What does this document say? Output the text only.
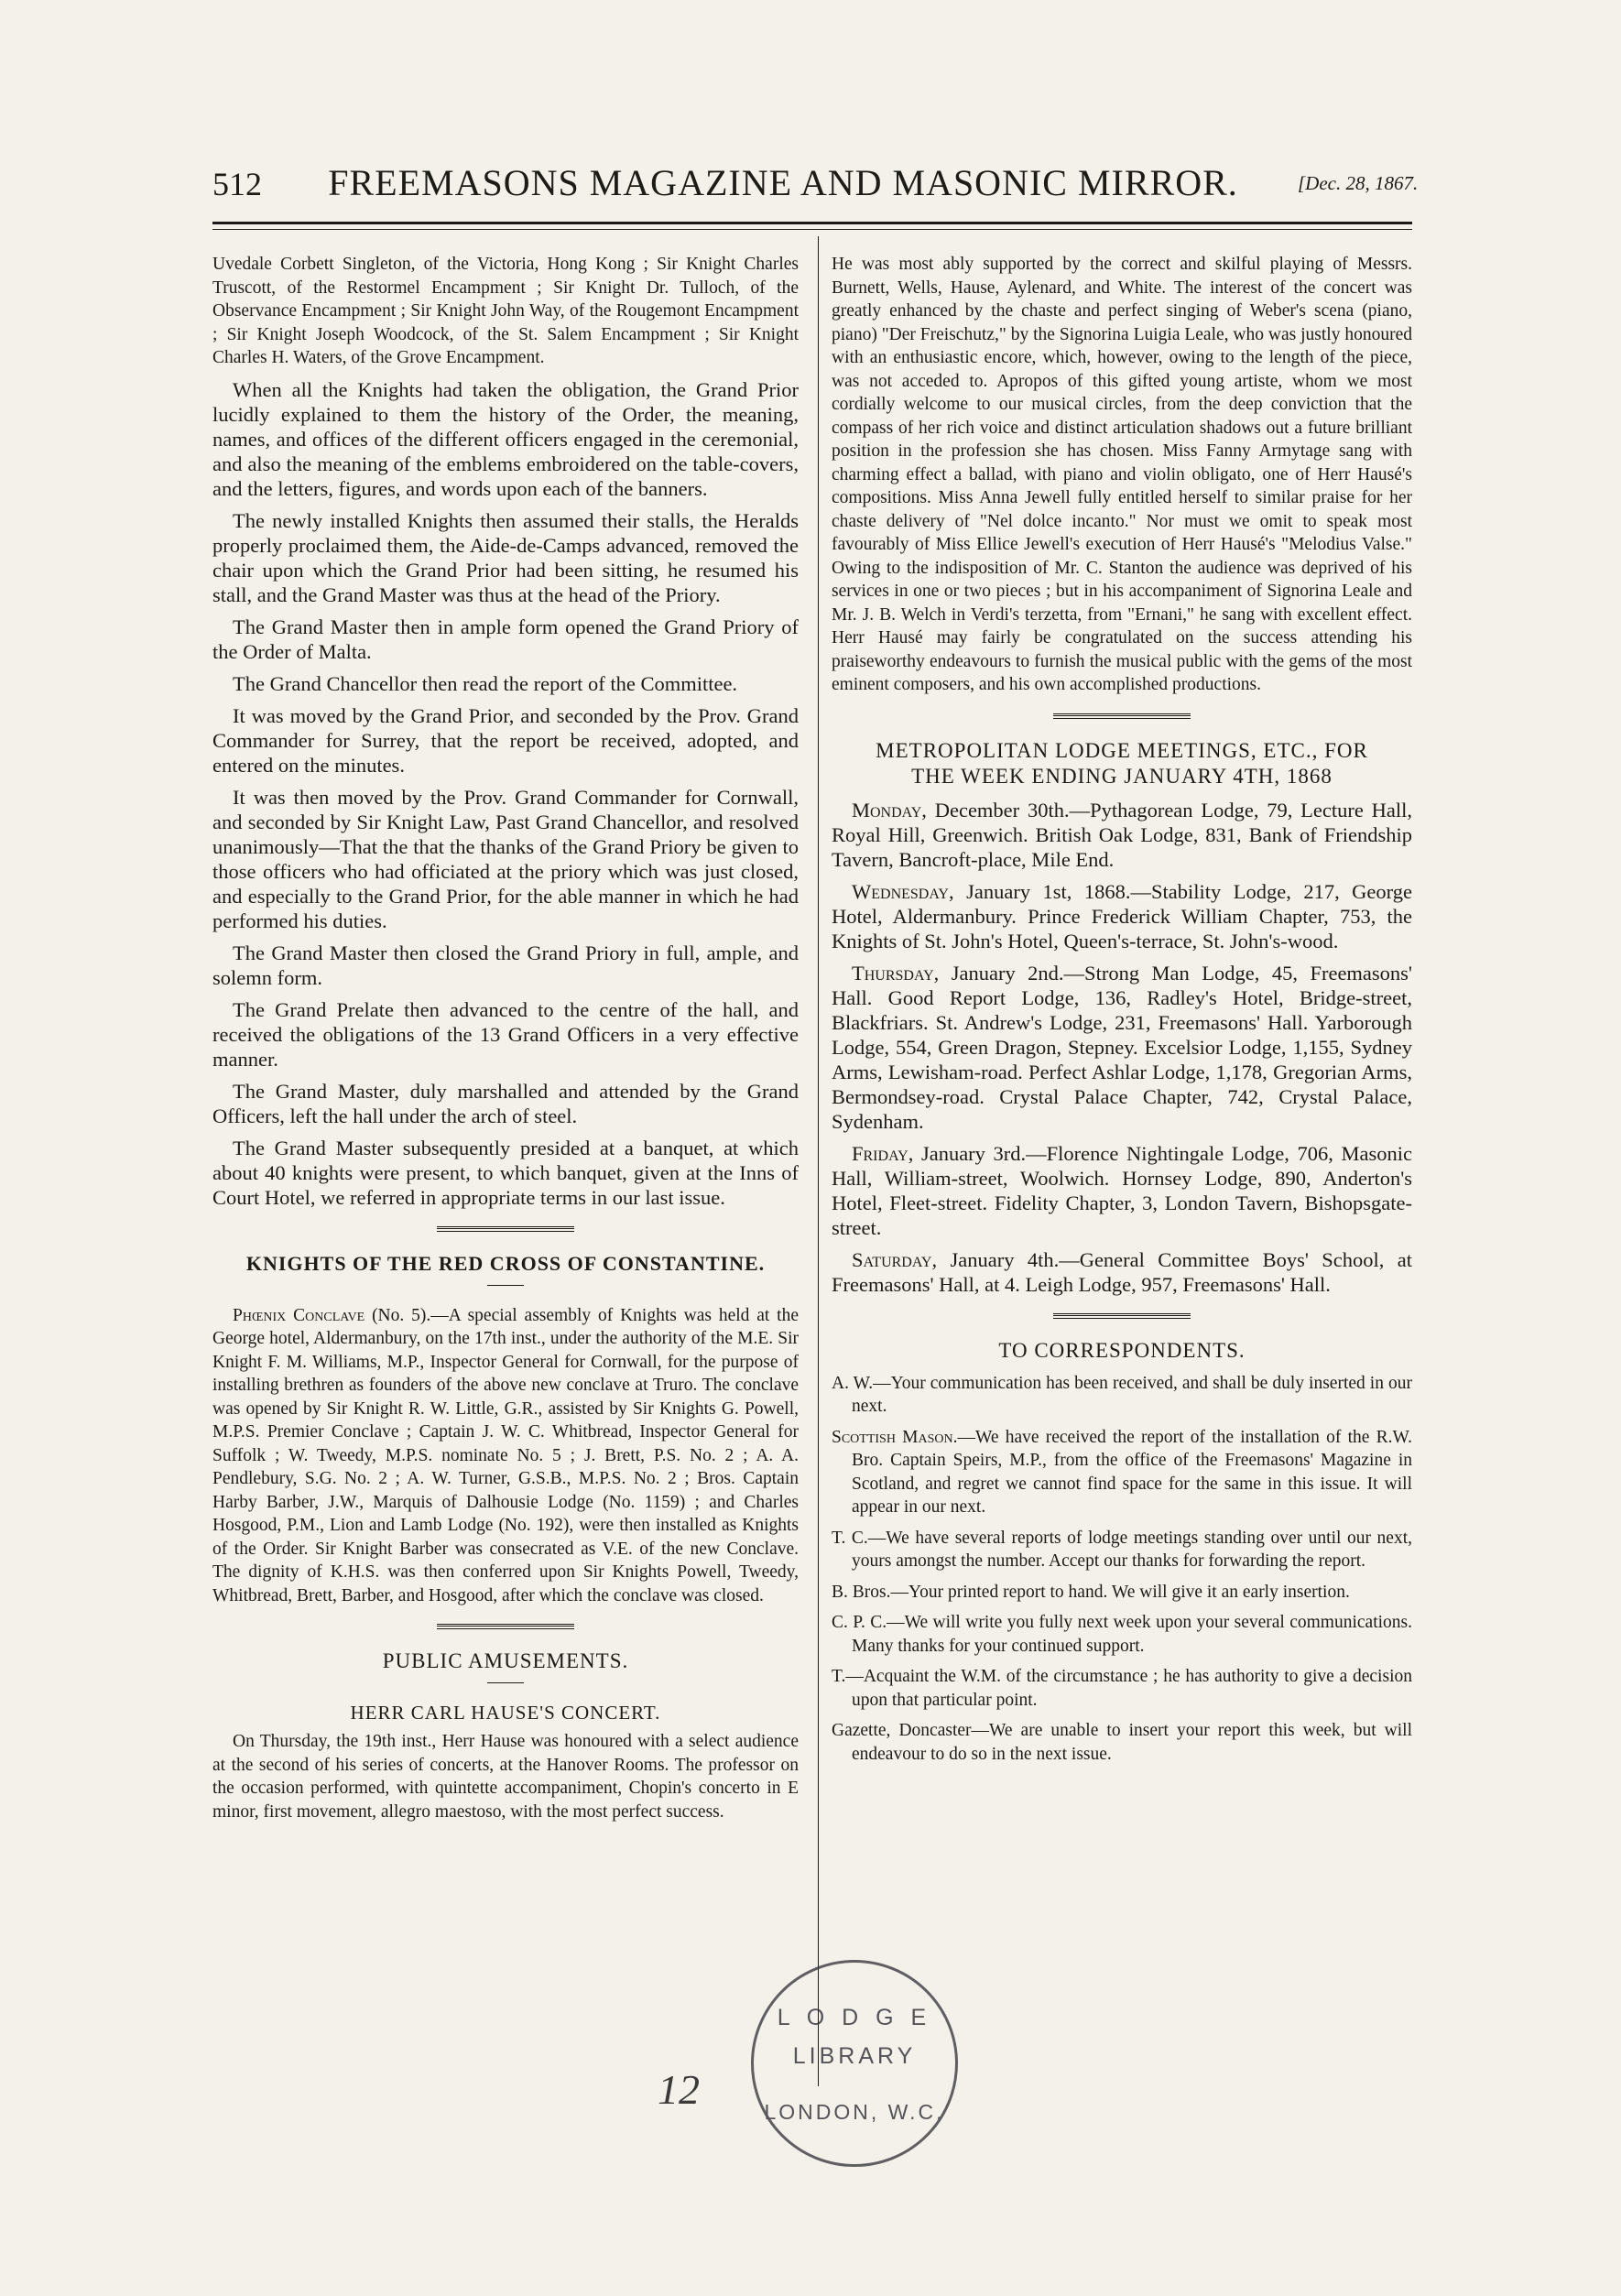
512	FREEMASONS MAGAZINE AND MASONIC MIRROR.	[Dec. 28, 1867.

Uvedale Corbett Singleton, of the Victoria, Hong Kong ; Sir Knight Charles Truscott, of the Restormel Encampment ; Sir Knight Dr. Tulloch, of the Observance Encampment ; Sir Knight John Way, of the Rougemont Encampment ; Sir Knight Joseph Woodcock, of the St. Salem Encampment ; Sir Knight Charles H. Waters, of the Grove Encampment.

When all the Knights had taken the obligation, the Grand Prior lucidly explained to them the history of the Order, the meaning, names, and offices of the different officers engaged in the ceremonial, and also the meaning of the emblems embroidered on the table-covers, and the letters, figures, and words upon each of the banners.

The newly installed Knights then assumed their stalls, the Heralds properly proclaimed them, the Aide-de-Camps advanced, removed the chair upon which the Grand Prior had been sitting, he resumed his stall, and the Grand Master was thus at the head of the Priory.

The Grand Master then in ample form opened the Grand Priory of the Order of Malta.

The Grand Chancellor then read the report of the Committee.

It was moved by the Grand Prior, and seconded by the Prov. Grand Commander for Surrey, that the report be received, adopted, and entered on the minutes.

It was then moved by the Prov. Grand Commander for Cornwall, and seconded by Sir Knight Law, Past Grand Chancellor, and resolved unanimously—That the that the thanks of the Grand Priory be given to those officers who had officiated at the priory which was just closed, and especially to the Grand Prior, for the able manner in which he had performed his duties.

The Grand Master then closed the Grand Priory in full, ample, and solemn form.

The Grand Prelate then advanced to the centre of the hall, and received the obligations of the 13 Grand Officers in a very effective manner.

The Grand Master, duly marshalled and attended by the Grand Officers, left the hall under the arch of steel.

The Grand Master subsequently presided at a banquet, at which about 40 knights were present, to which banquet, given at the Inns of Court Hotel, we referred in appropriate terms in our last issue.

KNIGHTS OF THE RED CROSS OF CONSTANTINE.

Phœnix Conclave (No. 5).—A special assembly of Knights was held at the George hotel, Aldermanbury, on the 17th inst., under the authority of the M.E. Sir Knight F. M. Williams, M.P., Inspector General for Cornwall, for the purpose of installing brethren as founders of the above new conclave at Truro. The conclave was opened by Sir Knight R. W. Little, G.R., assisted by Sir Knights G. Powell, M.P.S. Premier Conclave ; Captain J. W. C. Whitbread, Inspector General for Suffolk ; W. Tweedy, M.P.S. nominate No. 5 ; J. Brett, P.S. No. 2 ; A. A. Pendlebury, S.G. No. 2 ; A. W. Turner, G.S.B., M.P.S. No. 2 ; Bros. Captain Harby Barber, J.W., Marquis of Dalhousie Lodge (No. 1159) ; and Charles Hosgood, P.M., Lion and Lamb Lodge (No. 192), were then installed as Knights of the Order. Sir Knight Barber was consecrated as V.E. of the new Conclave. The dignity of K.H.S. was then conferred upon Sir Knights Powell, Tweedy, Whitbread, Brett, Barber, and Hosgood, after which the conclave was closed.

PUBLIC AMUSEMENTS.
HERR CARL HAUSE'S CONCERT.

On Thursday, the 19th inst., Herr Hause was honoured with a select audience at the second of his series of concerts, at the Hanover Rooms. The professor on the occasion performed, with quintette accompaniment, Chopin's concerto in E minor, first movement, allegro maestoso, with the most perfect success.

He was most ably supported by the correct and skilful playing of Messrs. Burnett, Wells, Hause, Aylenard, and White. The interest of the concert was greatly enhanced by the chaste and perfect singing of Weber's scena (piano, piano) "Der Freischutz," by the Signorina Luigia Leale, who was justly honoured with an enthusiastic encore, which, however, owing to the length of the piece, was not acceded to. Apropos of this gifted young artiste, whom we most cordially welcome to our musical circles, from the deep conviction that the compass of her rich voice and distinct articulation shadows out a future brilliant position in the profession she has chosen. Miss Fanny Armytage sang with charming effect a ballad, with piano and violin obligato, one of Herr Hausé's compositions. Miss Anna Jewell fully entitled herself to similar praise for her chaste delivery of "Nel dolce incanto." Nor must we omit to speak most favourably of Miss Ellice Jewell's execution of Herr Hausé's "Melodius Valse." Owing to the indisposition of Mr. C. Stanton the audience was deprived of his services in one or two pieces ; but in his accompaniment of Signorina Leale and Mr. J. B. Welch in Verdi's terzetta, from "Ernani," he sang with excellent effect. Herr Hausé may fairly be congratulated on the success attending his praiseworthy endeavours to furnish the musical public with the gems of the most eminent composers, and his own accomplished productions.

METROPOLITAN LODGE MEETINGS, ETC., FOR
THE WEEK ENDING JANUARY 4TH, 1868

Monday, December 30th.—Pythagorean Lodge, 79, Lecture Hall, Royal Hill, Greenwich. British Oak Lodge, 831, Bank of Friendship Tavern, Bancroft-place, Mile End.

Wednesday, January 1st, 1868.—Stability Lodge, 217, George Hotel, Aldermanbury. Prince Frederick William Chapter, 753, the Knights of St. John's Hotel, Queen's-terrace, St. John's-wood.

Thursday, January 2nd.—Strong Man Lodge, 45, Freemasons' Hall. Good Report Lodge, 136, Radley's Hotel, Bridge-street, Blackfriars. St. Andrew's Lodge, 231, Freemasons' Hall. Yarborough Lodge, 554, Green Dragon, Stepney. Excelsior Lodge, 1,155, Sydney Arms, Lewisham-road. Perfect Ashlar Lodge, 1,178, Gregorian Arms, Bermondsey-road. Crystal Palace Chapter, 742, Crystal Palace, Sydenham.

Friday, January 3rd.—Florence Nightingale Lodge, 706, Masonic Hall, William-street, Woolwich. Hornsey Lodge, 890, Anderton's Hotel, Fleet-street. Fidelity Chapter, 3, London Tavern, Bishopsgate-street.

Saturday, January 4th.—General Committee Boys' School, at Freemasons' Hall, at 4. Leigh Lodge, 957, Freemasons' Hall.

TO CORRESPONDENTS.

A. W.—Your communication has been received, and shall be duly inserted in our next.

Scottish Mason.—We have received the report of the installation of the R.W. Bro. Captain Speirs, M.P., from the office of the Freemasons' Magazine in Scotland, and regret we cannot find space for the same in this issue. It will appear in our next.

T. C.—We have several reports of lodge meetings standing over until our next, yours amongst the number. Accept our thanks for forwarding the report.

B. Bros.—Your printed report to hand. We will give it an early insertion.

C. P. C.—We will write you fully next week upon your several communications. Many thanks for your continued support.

T.—Acquaint the W.M. of the circumstance ; he has authority to give a decision upon that particular point.

Gazette, Doncaster—We are unable to insert your report this week, but will endeavour to do so in the next issue.

L O D G E
LIBRARY
LONDON, W.C.
12
